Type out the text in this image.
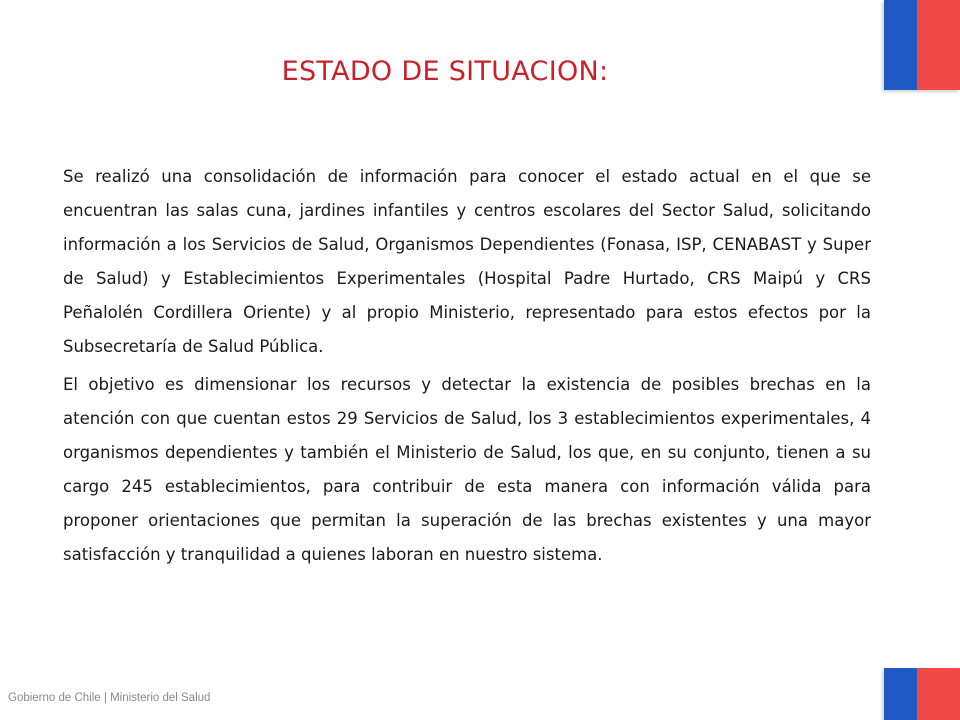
ESTADO DE SITUACION:

Se realizó una consolidación de información para conocer el estado actual en el que se encuentran las salas cuna, jardines infantiles y centros escolares del Sector Salud, solicitando información a los Servicios de Salud, Organismos Dependientes (Fonasa, ISP, CENABAST y Super de Salud) y Establecimientos Experimentales (Hospital Padre Hurtado, CRS Maipú y CRS Peñalolén Cordillera Oriente) y al propio Ministerio, representado para estos efectos por la Subsecretaría de Salud Pública.

El objetivo es dimensionar los recursos y detectar la existencia de posibles brechas en la atención con que cuentan estos 29 Servicios de Salud, los 3 establecimientos experimentales, 4 organismos dependientes y también el Ministerio de Salud, los que, en su conjunto, tienen a su cargo 245 establecimientos, para contribuir de esta manera con información válida para proponer orientaciones que permitan la superación de las brechas existentes y una mayor satisfacción y tranquilidad a quienes laboran en nuestro sistema.

Gobierno de Chile | Ministerio del Salud
